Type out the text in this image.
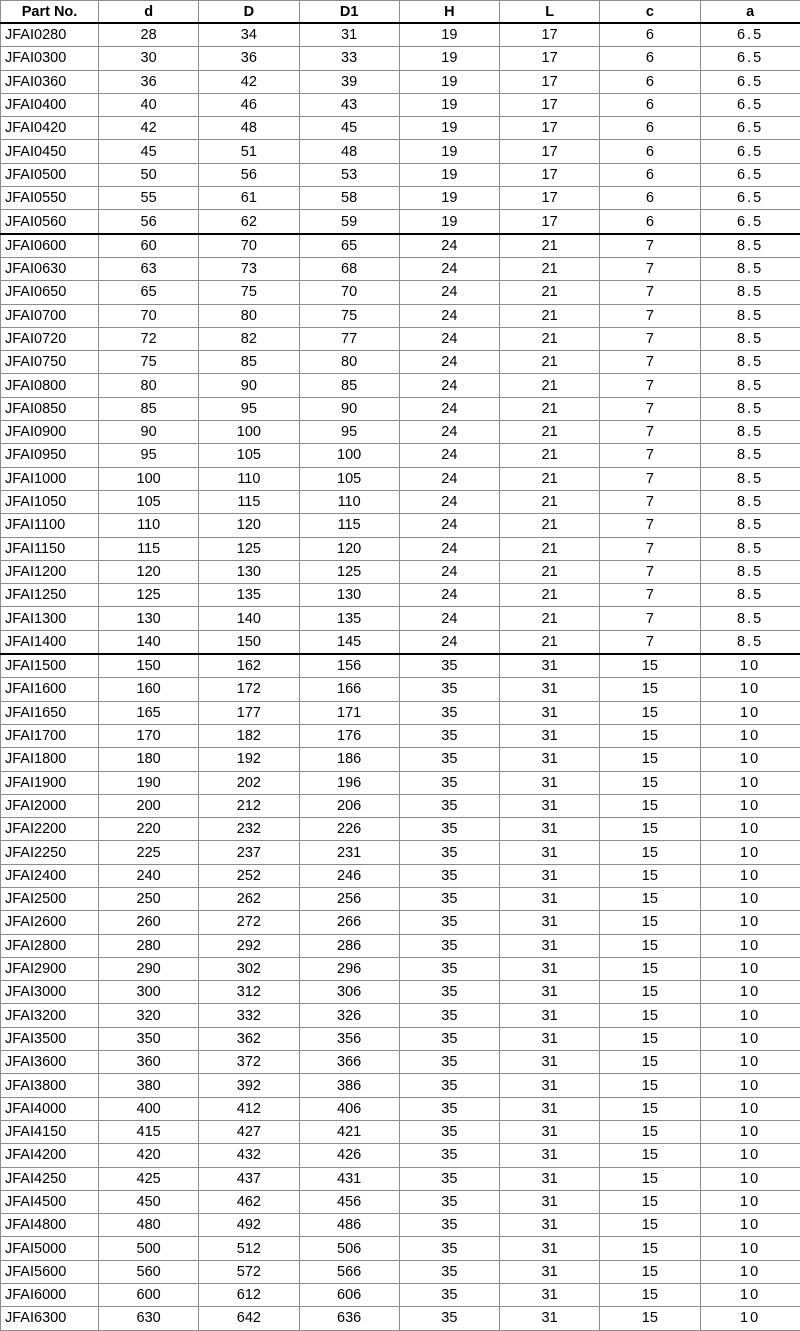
Part No.	d	D	D1	H	L	c	a
JFAI0280	28	34	31	19	17	6	6.5
JFAI0300	30	36	33	19	17	6	6.5
JFAI0360	36	42	39	19	17	6	6.5
JFAI0400	40	46	43	19	17	6	6.5
JFAI0420	42	48	45	19	17	6	6.5
JFAI0450	45	51	48	19	17	6	6.5
JFAI0500	50	56	53	19	17	6	6.5
JFAI0550	55	61	58	19	17	6	6.5
JFAI0560	56	62	59	19	17	6	6.5
JFAI0600	60	70	65	24	21	7	8.5
JFAI0630	63	73	68	24	21	7	8.5
JFAI0650	65	75	70	24	21	7	8.5
JFAI0700	70	80	75	24	21	7	8.5
JFAI0720	72	82	77	24	21	7	8.5
JFAI0750	75	85	80	24	21	7	8.5
JFAI0800	80	90	85	24	21	7	8.5
JFAI0850	85	95	90	24	21	7	8.5
JFAI0900	90	100	95	24	21	7	8.5
JFAI0950	95	105	100	24	21	7	8.5
JFAI1000	100	110	105	24	21	7	8.5
JFAI1050	105	115	110	24	21	7	8.5
JFAI1100	110	120	115	24	21	7	8.5
JFAI1150	115	125	120	24	21	7	8.5
JFAI1200	120	130	125	24	21	7	8.5
JFAI1250	125	135	130	24	21	7	8.5
JFAI1300	130	140	135	24	21	7	8.5
JFAI1400	140	150	145	24	21	7	8.5
JFAI1500	150	162	156	35	31	15	10
JFAI1600	160	172	166	35	31	15	10
JFAI1650	165	177	171	35	31	15	10
JFAI1700	170	182	176	35	31	15	10
JFAI1800	180	192	186	35	31	15	10
JFAI1900	190	202	196	35	31	15	10
JFAI2000	200	212	206	35	31	15	10
JFAI2200	220	232	226	35	31	15	10
JFAI2250	225	237	231	35	31	15	10
JFAI2400	240	252	246	35	31	15	10
JFAI2500	250	262	256	35	31	15	10
JFAI2600	260	272	266	35	31	15	10
JFAI2800	280	292	286	35	31	15	10
JFAI2900	290	302	296	35	31	15	10
JFAI3000	300	312	306	35	31	15	10
JFAI3200	320	332	326	35	31	15	10
JFAI3500	350	362	356	35	31	15	10
JFAI3600	360	372	366	35	31	15	10
JFAI3800	380	392	386	35	31	15	10
JFAI4000	400	412	406	35	31	15	10
JFAI4150	415	427	421	35	31	15	10
JFAI4200	420	432	426	35	31	15	10
JFAI4250	425	437	431	35	31	15	10
JFAI4500	450	462	456	35	31	15	10
JFAI4800	480	492	486	35	31	15	10
JFAI5000	500	512	506	35	31	15	10
JFAI5600	560	572	566	35	31	15	10
JFAI6000	600	612	606	35	31	15	10
JFAI6300	630	642	636	35	31	15	10
